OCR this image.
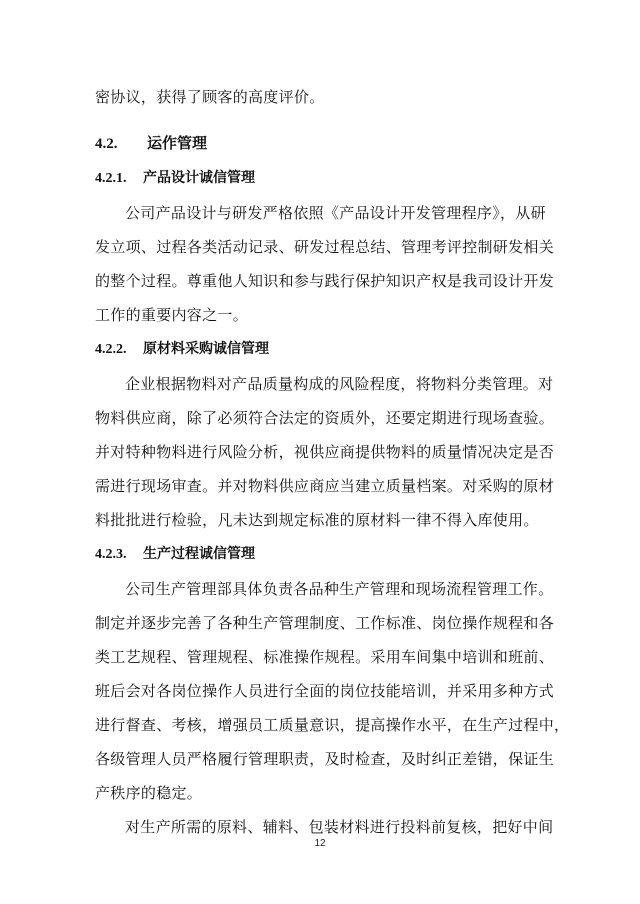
密协议，获得了顾客的高度评价。
4.2. 运作管理
4.2.1. 产品设计诚信管理
公司产品设计与研发严格依照《产品设计开发管理程序》，从研
发立项、过程各类活动记录、研发过程总结、管理考评控制研发相关
的整个过程。尊重他人知识和参与践行保护知识产权是我司设计开发
工作的重要内容之一。
4.2.2. 原材料采购诚信管理
企业根据物料对产品质量构成的风险程度，将物料分类管理。对
物料供应商，除了必须符合法定的资质外，还要定期进行现场查验。
并对特种物料进行风险分析，视供应商提供物料的质量情况决定是否
需进行现场审查。并对物料供应商应当建立质量档案。对采购的原材
料批批进行检验，凡未达到规定标准的原材料一律不得入库使用。
4.2.3. 生产过程诚信管理
公司生产管理部具体负责各品种生产管理和现场流程管理工作。
制定并逐步完善了各种生产管理制度、工作标准、岗位操作规程和各
类工艺规程、管理规程、标准操作规程。采用车间集中培训和班前、
班后会对各岗位操作人员进行全面的岗位技能培训，并采用多种方式
进行督查、考核，增强员工质量意识，提高操作水平，在生产过程中，
各级管理人员严格履行管理职责，及时检查，及时纠正差错，保证生
产秩序的稳定。
对生产所需的原料、辅料、包装材料进行投料前复核，把好中间
12
